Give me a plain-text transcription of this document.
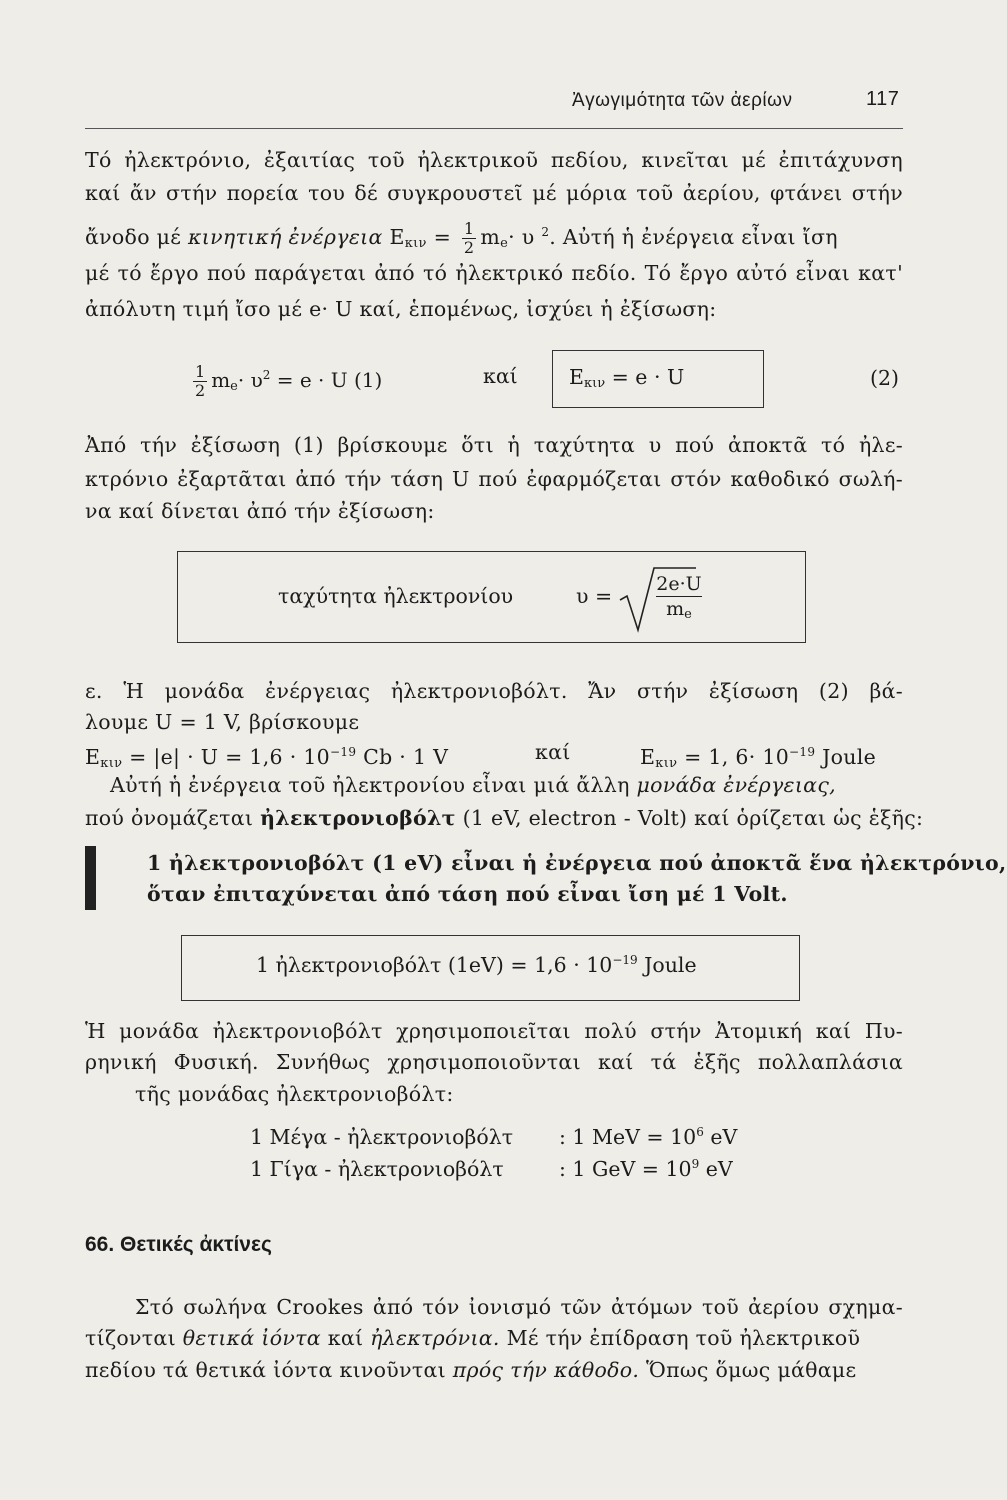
Ἀγωγιμότητα τῶν ἀερίων	117
Τό ἠλεκτρόνιο, ἐξαιτίας τοῦ ἠλεκτρικοῦ πεδίου, κινεῖται μέ ἐπιτάχυνση
καί ἄν στήν πορεία του δέ συγκρουστεῖ μέ μόρια τοῦ ἀερίου, φτάνει στήν
ἄνοδο μέ κινητική ἐνέργεια $E_{\kappa\iota\nu} = \frac{1}{2} m_e\cdot \upsilon$ $^2$. Αὐτή ἡ ἐνέργεια εἶναι ἴση
μέ τό ἔργο πού παράγεται ἀπό τό ἠλεκτρικό πεδίο. Τό ἔργο αὐτό εἶναι κατ'
ἀπόλυτη τιμή ἴσο μέ e· U καί, ἑπομένως, ἰσχύει ἡ ἐξίσωση:
$\frac{1}{2} m_e\cdot \upsilon^2 = e \cdot U$ (1)	καί	$E_{\kappa\iota\nu} = e \cdot U$	(2)
Ἀπό τήν ἐξίσωση (1) βρίσκουμε ὅτι ἡ ταχύτητα υ πού ἀποκτᾶ τό ἠλε-
κτρόνιο ἐξαρτᾶται ἀπό τήν τάση U πού ἐφαρμόζεται στόν καθοδικό σωλή-
να καί δίνεται ἀπό τήν ἐξίσωση:
ταχύτητα ἠλεκτρονίου	$\upsilon = \frac{2e\cdot U}{m_e}$
ε. Ἡ μονάδα ἐνέργειας ἠλεκτρονιοβόλτ. Ἄν στήν ἐξίσωση (2) βά-
λουμε U = 1 V, βρίσκουμε
$E_{\kappa\iota\nu} = |e| \cdot U = 1,6 \cdot 10^{-19}$ Cb · 1 V	καί	$E_{\kappa\iota\nu} = 1$, $6\cdot 10^{-19}$ Joule
Αὐτή ἡ ἐνέργεια τοῦ ἠλεκτρονίου εἶναι μιά ἄλλη μονάδα ἐνέργειας,
πού ὀνομάζεται ἠλεκτρονιοβόλτ (1 eV, electron - Volt) καί ὁρίζεται ὡς ἑξῆς:
1 ἠλεκτρονιοβόλτ (1 eV) εἶναι ἡ ἐνέργεια πού ἀποκτᾶ ἕνα ἠλεκτρόνιο,
ὅταν ἐπιταχύνεται ἀπό τάση πού εἶναι ἴση μέ 1 Volt.
1 ἠλεκτρονιοβόλτ $(1eV) = 1,6 \cdot 10^{-19}$ Joule
Ἡ μονάδα ἠλεκτρονιοβόλτ χρησιμοποιεῖται πολύ στήν Ἀτομική καί Πυ-
ρηνική Φυσική. Συνήθως χρησιμοποιοῦνται καί τά ἑξῆς πολλαπλάσια
τῆς μονάδας ἠλεκτρονιοβόλτ:
1 Μέγα - ἠλεκτρονιοβόλτ : 1 MeV = $10^6$ eV
1 Γίγα - ἠλεκτρονιοβόλτ	: 1 GeV = $10^9$ eV
66. Θετικές ἀκτίνες
Στό σωλήνα Crookes ἀπό τόν ἰονισμό τῶν ἀτόμων τοῦ ἀερίου σχημα-
τίζονται θετικά ἰόντα καί ἠλεκτρόνια. Μέ τήν ἐπίδραση τοῦ ἠλεκτρικοῦ
πεδίου τά θετικά ἰόντα κινοῦνται πρός τήν κάθοδο. Ὅπως ὅμως μάθαμε
